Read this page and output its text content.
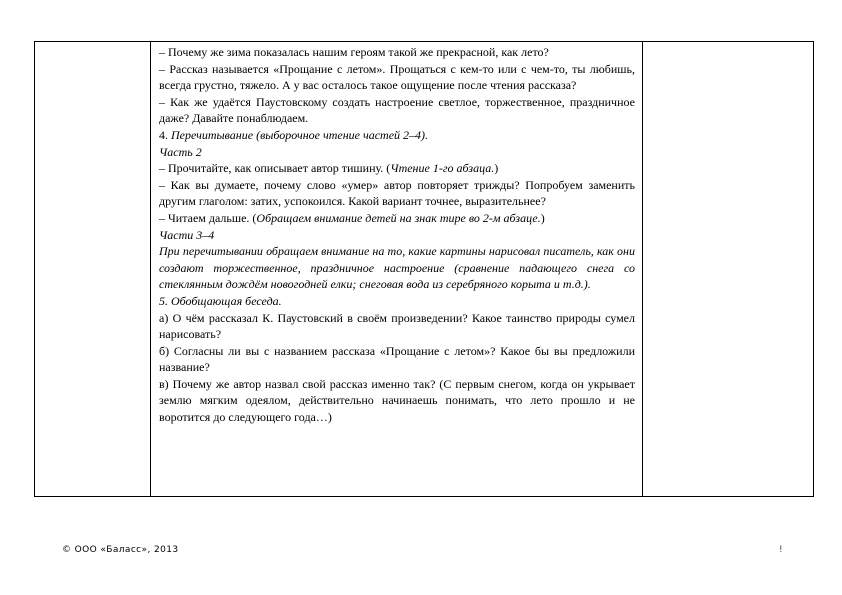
– Почему же зима показалась нашим героям такой же прекрасной, как лето?

– Рассказ называется «Прощание с летом». Прощаться с кем-то или с чем-то, ты любишь, всегда грустно, тяжело. А у вас осталось такое ощущение после чтения рассказа?

– Как же удаётся Паустовскому создать настроение светлое, торжественное, праздничное даже? Давайте понаблюдаем.

4. Перечитывание (выборочное чтение частей 2–4).

Часть 2

– Прочитайте, как описывает автор тишину. (Чтение 1-го абзаца.)

– Как вы думаете, почему слово «умер» автор повторяет трижды? Попробуем заменить другим глаголом: затих, успокоился. Какой вариант точнее, выразительнее?

– Читаем дальше. (Обращаем внимание детей на знак тире во 2-м абзаце.)

Части 3–4

При перечитывании обращаем внимание на то, какие картины нарисовал писатель, как они создают торжественное, праздничное настроение (сравнение падающего снега со стеклянным дождём новогодней елки; снеговая вода из серебряного корыта и т.д.).

5. Обобщающая беседа.

а) О чём рассказал К. Паустовский в своём произведении? Какое таинство природы сумел нарисовать?

б) Согласны ли вы с названием рассказа «Прощание с летом»? Какое бы вы предложили название?

в) Почему же автор назвал свой рассказ именно так? (С первым снегом, когда он укрывает землю мягким одеялом, действительно начинаешь понимать, что лето прошло и не воротится до следующего года…)

© ООО «Баласс», 2013	!
